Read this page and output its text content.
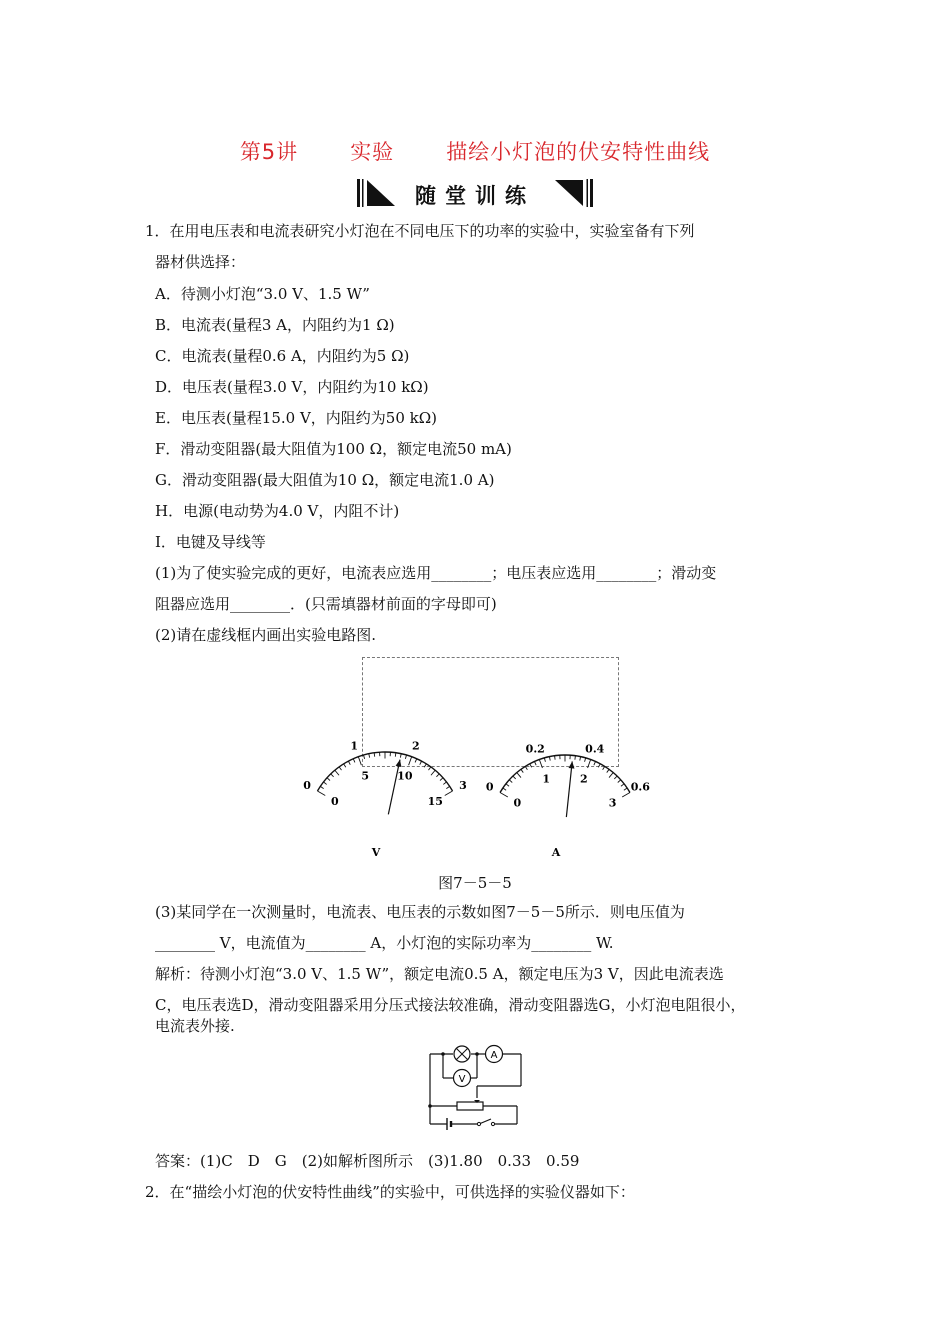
第5讲 实验 描绘小灯泡的伏安特性曲线
随堂训练
1．在用电压表和电流表研究小灯泡在不同电压下的功率的实验中，实验室备有下列
器材供选择：
A．待测小灯泡“3.0 V、1.5 W”
B．电流表(量程3 A，内阻约为1 Ω)
C．电流表(量程0.6 A，内阻约为5 Ω)
D．电压表(量程3.0 V，内阻约为10 kΩ)
E．电压表(量程15.0 V，内阻约为50 kΩ)
F．滑动变阻器(最大阻值为100 Ω，额定电流50 mA)
G．滑动变阻器(最大阻值为10 Ω，额定电流1.0 A)
H．电源(电动势为4.0 V，内阻不计)
I．电键及导线等
(1)为了使实验完成的更好，电流表应选用________；电压表应选用________；滑动变
阻器应选用________．(只需填器材前面的字母即可)
(2)请在虚线框内画出实验电路图.
0
1	2
3
0
5	10
15
V
0
0.2	0.4
0.6
0
1	2
3
A
图7－5－5
(3)某同学在一次测量时，电流表、电压表的示数如图7－5－5所示．则电压值为
________ V，电流值为________ A，小灯泡的实际功率为________ W.
解析：待测小灯泡“3.0 V、1.5 W”，额定电流0.5 A，额定电压为3 V，因此电流表选
C，电压表选D，滑动变阻器采用分压式接法较准确，滑动变阻器选G，小灯泡电阻很小，
电流表外接.
A
V
答案：(1)C　D　G　(2)如解析图所示　(3)1.80　0.33　0.59
2．在“描绘小灯泡的伏安特性曲线”的实验中，可供选择的实验仪器如下：
